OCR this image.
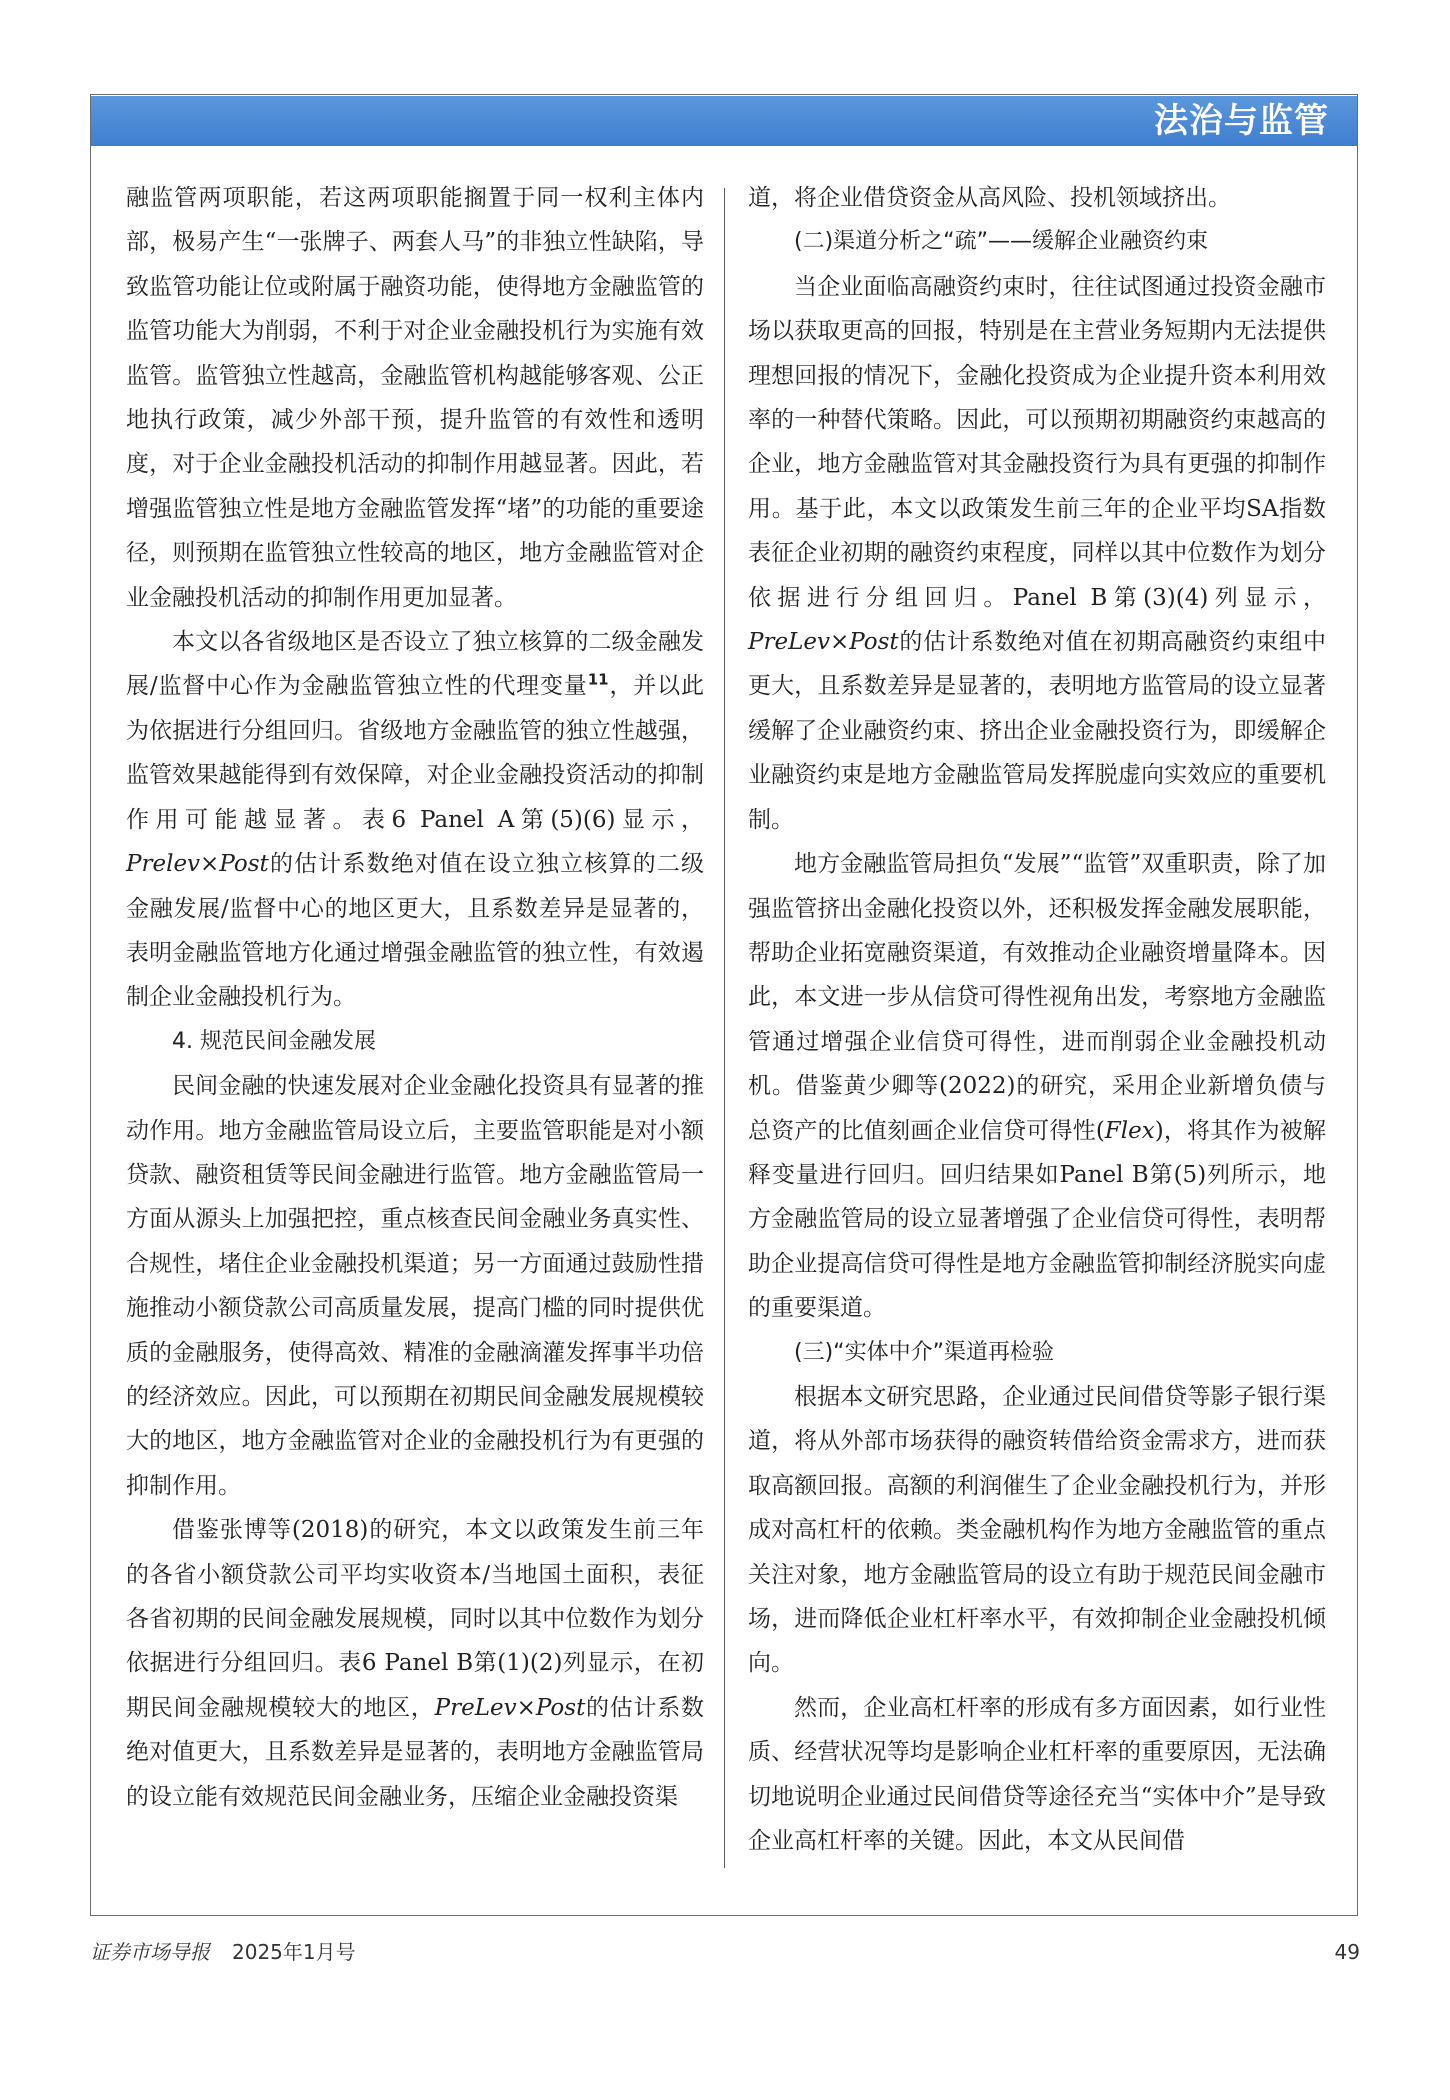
法治与监管

融监管两项职能，若这两项职能搁置于同一权利主体内部，极易产生“一张牌子、两套人马”的非独立性缺陷，导致监管功能让位或附属于融资功能，使得地方金融监管的监管功能大为削弱，不利于对企业金融投机行为实施有效监管。监管独立性越高，金融监管机构越能够客观、公正地执行政策，减少外部干预，提升监管的有效性和透明度，对于企业金融投机活动的抑制作用越显著。因此，若增强监管独立性是地方金融监管发挥“堵”的功能的重要途径，则预期在监管独立性较高的地区，地方金融监管对企业金融投机活动的抑制作用更加显著。

本文以各省级地区是否设立了独立核算的二级金融发展/监督中心作为金融监管独立性的代理变量$^{11}$，并以此为依据进行分组回归。省级地方金融监管的独立性越强，监管效果越能得到有效保障，对企业金融投资活动的抑制作用可能越显著。表6 Panel A第(5)(6)显示，Prelev×Post的估计系数绝对值在设立独立核算的二级金融发展/监督中心的地区更大，且系数差异是显著的，表明金融监管地方化通过增强金融监管的独立性，有效遏制企业金融投机行为。

4. 规范民间金融发展

民间金融的快速发展对企业金融化投资具有显著的推动作用。地方金融监管局设立后，主要监管职能是对小额贷款、融资租赁等民间金融进行监管。地方金融监管局一方面从源头上加强把控，重点核查民间金融业务真实性、合规性，堵住企业金融投机渠道；另一方面通过鼓励性措施推动小额贷款公司高质量发展，提高门槛的同时提供优质的金融服务，使得高效、精准的金融滴灌发挥事半功倍的经济效应。因此，可以预期在初期民间金融发展规模较大的地区，地方金融监管对企业的金融投机行为有更强的抑制作用。

借鉴张博等(2018)的研究，本文以政策发生前三年的各省小额贷款公司平均实收资本/当地国土面积，表征各省初期的民间金融发展规模，同时以其中位数作为划分依据进行分组回归。表6 Panel B第(1)(2)列显示，在初期民间金融规模较大的地区，PreLev×Post的估计系数绝对值更大，且系数差异是显著的，表明地方金融监管局的设立能有效规范民间金融业务，压缩企业金融投资渠

道，将企业借贷资金从高风险、投机领域挤出。

(二)渠道分析之“疏”——缓解企业融资约束

当企业面临高融资约束时，往往试图通过投资金融市场以获取更高的回报，特别是在主营业务短期内无法提供理想回报的情况下，金融化投资成为企业提升资本利用效率的一种替代策略。因此，可以预期初期融资约束越高的企业，地方金融监管对其金融投资行为具有更强的抑制作用。基于此，本文以政策发生前三年的企业平均SA指数表征企业初期的融资约束程度，同样以其中位数作为划分依据进行分组回归。Panel B第(3)(4)列显示，PreLev×Post的估计系数绝对值在初期高融资约束组中更大，且系数差异是显著的，表明地方监管局的设立显著缓解了企业融资约束、挤出企业金融投资行为，即缓解企业融资约束是地方金融监管局发挥脱虚向实效应的重要机制。

地方金融监管局担负“发展”“监管”双重职责，除了加强监管挤出金融化投资以外，还积极发挥金融发展职能，帮助企业拓宽融资渠道，有效推动企业融资增量降本。因此，本文进一步从信贷可得性视角出发，考察地方金融监管通过增强企业信贷可得性，进而削弱企业金融投机动机。借鉴黄少卿等(2022)的研究，采用企业新增负债与总资产的比值刻画企业信贷可得性(Flex)，将其作为被解释变量进行回归。回归结果如Panel B第(5)列所示，地方金融监管局的设立显著增强了企业信贷可得性，表明帮助企业提高信贷可得性是地方金融监管抑制经济脱实向虚的重要渠道。

(三)“实体中介”渠道再检验

根据本文研究思路，企业通过民间借贷等影子银行渠道，将从外部市场获得的融资转借给资金需求方，进而获取高额回报。高额的利润催生了企业金融投机行为，并形成对高杠杆的依赖。类金融机构作为地方金融监管的重点关注对象，地方金融监管局的设立有助于规范民间金融市场，进而降低企业杠杆率水平，有效抑制企业金融投机倾向。

然而，企业高杠杆率的形成有多方面因素，如行业性质、经营状况等均是影响企业杠杆率的重要原因，无法确切地说明企业通过民间借贷等途径充当“实体中介”是导致企业高杠杆率的关键。因此，本文从民间借

证券市场导报 2025年1月号	49
